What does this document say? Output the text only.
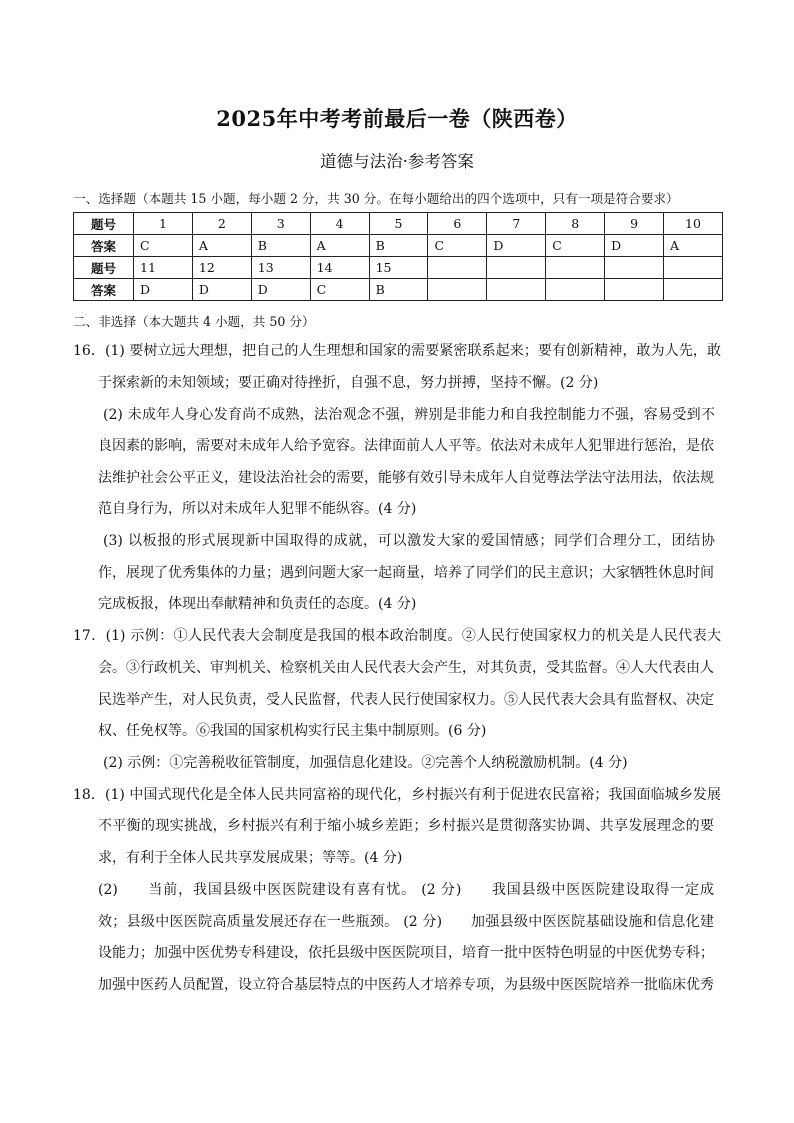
2025年中考考前最后一卷（陕西卷）
道德与法治·参考答案
一、选择题（本题共 15 小题，每小题 2 分，共 30 分。在每小题给出的四个选项中，只有一项是符合要求）
题号	1	2	3	4	5	6	7	8	9	10
答案	C	A	B	A	B	C	D	C	D	A
题号	11	12	13	14	15					
答案	D	D	D	C	B					
二、非选择（本大题共 4 小题，共 50 分）
16．(1) 要树立远大理想，把自己的人生理想和国家的需要紧密联系起来；要有创新精神，敢为人先，敢
于探索新的未知领域；要正确对待挫折，自强不息，努力拼搏，坚持不懈。(2 分)
(2) 未成年人身心发育尚不成熟，法治观念不强，辨别是非能力和自我控制能力不强，容易受到不
良因素的影响，需要对未成年人给予宽容。法律面前人人平等。依法对未成年人犯罪进行惩治，是依
法维护社会公平正义，建设法治社会的需要，能够有效引导未成年人自觉尊法学法守法用法，依法规
范自身行为，所以对未成年人犯罪不能纵容。(4 分)
(3) 以板报的形式展现新中国取得的成就，可以激发大家的爱国情感；同学们合理分工，团结协
作，展现了优秀集体的力量；遇到问题大家一起商量，培养了同学们的民主意识；大家牺牲休息时间
完成板报，体现出奉献精神和负责任的态度。(4 分)
17．(1) 示例：①人民代表大会制度是我国的根本政治制度。②人民行使国家权力的机关是人民代表大
会。③行政机关、审判机关、检察机关由人民代表大会产生，对其负责，受其监督。④人大代表由人
民选举产生，对人民负责，受人民监督，代表人民行使国家权力。⑤人民代表大会具有监督权、决定
权、任免权等。⑥我国的国家机构实行民主集中制原则。(6 分)
(2) 示例：①完善税收征管制度，加强信息化建设。②完善个人纳税激励机制。(4 分)
18．(1) 中国式现代化是全体人民共同富裕的现代化，乡村振兴有利于促进农民富裕；我国面临城乡发展
不平衡的现实挑战，乡村振兴有利于缩小城乡差距；乡村振兴是贯彻落实协调、共享发展理念的要
求，有利于全体人民共享发展成果；等等。(4 分)
(2)　　当前，我国县级中医医院建设有喜有忧。 (2 分)　　我国县级中医医院建设取得一定成
效；县级中医医院高质量发展还存在一些瓶颈。 (2 分)　　加强县级中医医院基础设施和信息化建
设能力；加强中医优势专科建设，依托县级中医医院项目，培育一批中医特色明显的中医优势专科；
加强中医药人员配置，设立符合基层特点的中医药人才培养专项，为县级中医医院培养一批临床优秀
